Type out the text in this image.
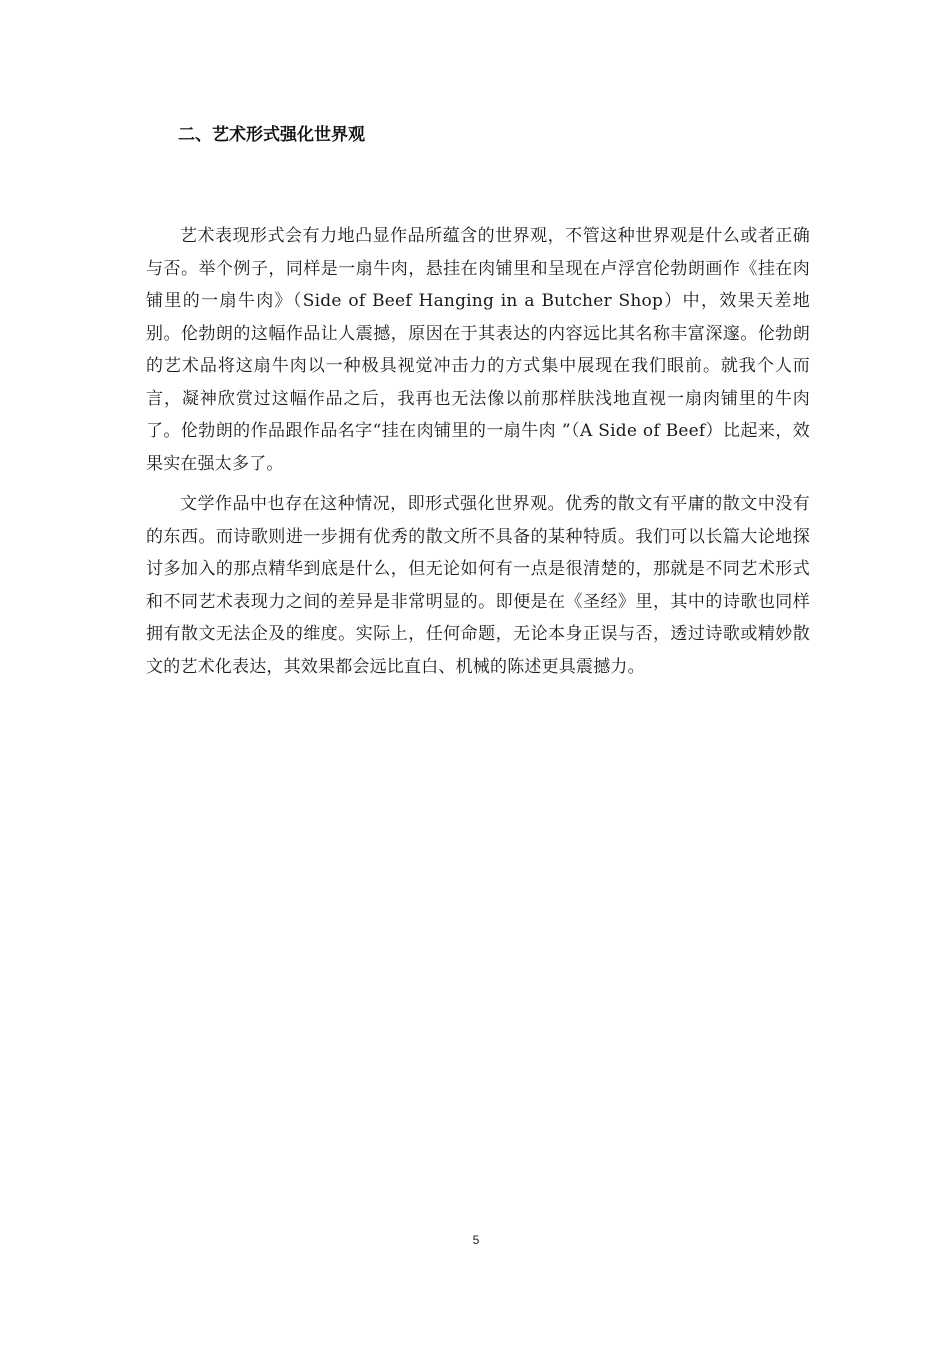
二、艺术形式强化世界观

艺术表现形式会有力地凸显作品所蕴含的世界观，不管这种世界观是什么或者正确与否。举个例子，同样是一扇牛肉，悬挂在肉铺里和呈现在卢浮宫伦勃朗画作《挂在肉铺里的一扇牛肉》（Side of Beef Hanging in a Butcher Shop）中，效果天差地别。伦勃朗的这幅作品让人震撼，原因在于其表达的内容远比其名称丰富深邃。伦勃朗的艺术品将这扇牛肉以一种极具视觉冲击力的方式集中展现在我们眼前。就我个人而言，凝神欣赏过这幅作品之后，我再也无法像以前那样肤浅地直视一扇肉铺里的牛肉了。伦勃朗的作品跟作品名字“挂在肉铺里的一扇牛肉 ”（A Side of Beef）比起来，效果实在强太多了。

文学作品中也存在这种情况，即形式强化世界观。优秀的散文有平庸的散文中没有的东西。而诗歌则进一步拥有优秀的散文所不具备的某种特质。我们可以长篇大论地探讨多加入的那点精华到底是什么，但无论如何有一点是很清楚的，那就是不同艺术形式和不同艺术表现力之间的差异是非常明显的。即便是在《圣经》里，其中的诗歌也同样拥有散文无法企及的维度。实际上，任何命题，无论本身正误与否，透过诗歌或精妙散文的艺术化表达，其效果都会远比直白、机械的陈述更具震撼力。

5
